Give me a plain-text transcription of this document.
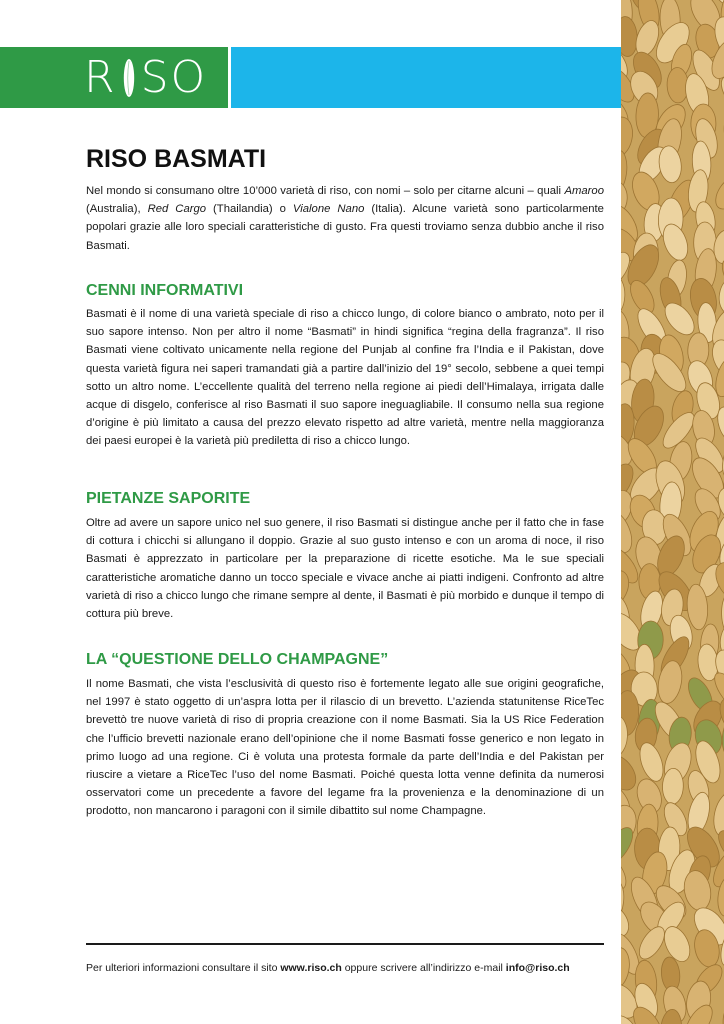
R SO
RISO BASMATI

Nel mondo si consumano oltre 10’000 varietà di riso, con nomi – solo per citarne alcuni – quali Amaroo (Australia), Red Cargo (Thailandia) o Vialone Nano (Italia). Alcune varietà sono particolarmente popolari grazie alle loro speciali caratteristiche di gusto. Fra questi troviamo senza dubbio anche il riso Basmati.

CENNI INFORMATIVI

Basmati è il nome di una varietà speciale di riso a chicco lungo, di colore bianco o ambrato, noto per il suo sapore intenso. Non per altro il nome “Basmati” in hindi significa “regina della fragranza”. Il riso Basmati viene coltivato unicamente nella regione del Punjab al confine fra l’India e il Pakistan, dove questa varietà figura nei saperi tramandati già a partire dall’inizio del 19° secolo, sebbene a quei tempi sotto un altro nome. L’eccellente qualità del terreno nella regione ai piedi dell’Himalaya, irrigata dalle acque di disgelo, conferisce al riso Basmati il suo sapore ineguagliabile. Il consumo nella sua regione d’origine è più limitato a causa del prezzo elevato rispetto ad altre varietà, mentre nella maggioranza dei paesi europei è la varietà più prediletta di riso a chicco lungo.

PIETANZE SAPORITE

Oltre ad avere un sapore unico nel suo genere, il riso Basmati si distingue anche per il fatto che in fase di cottura i chicchi si allungano il doppio. Grazie al suo gusto intenso e con un aroma di noce, il riso Basmati è apprezzato in particolare per la preparazione di ricette esotiche. Ma le sue speciali caratteristiche aromatiche danno un tocco speciale e vivace anche ai piatti indigeni. Confronto ad altre varietà di riso a chicco lungo che rimane sempre al dente, il Basmati è più morbido e dunque il tempo di cottura più breve.

LA “QUESTIONE DELLO CHAMPAGNE”

Il nome Basmati, che vista l’esclusività di questo riso è fortemente legato alle sue origini geografiche, nel 1997 è stato oggetto di un’aspra lotta per il rilascio di un brevetto. L’azienda statunitense RiceTec brevettò tre nuove varietà di riso di propria creazione con il nome Basmati. Sia la US Rice Federation che l’ufficio brevetti nazionale erano dell’opinione che il nome Basmati fosse generico e non legato in primo luogo ad una regione. Ci è voluta una protesta formale da parte dell’India e del Pakistan per riuscire a vietare a RiceTec l’uso del nome Basmati. Poiché questa lotta venne definita da numerosi osservatori come un precedente a favore del legame fra la provenienza e la denominazione di un prodotto, non mancarono i paragoni con il simile dibattito sul nome Champagne.

Per ulteriori informazioni consultare il sito www.riso.ch oppure scrivere all’indirizzo e-mail info@riso.ch
